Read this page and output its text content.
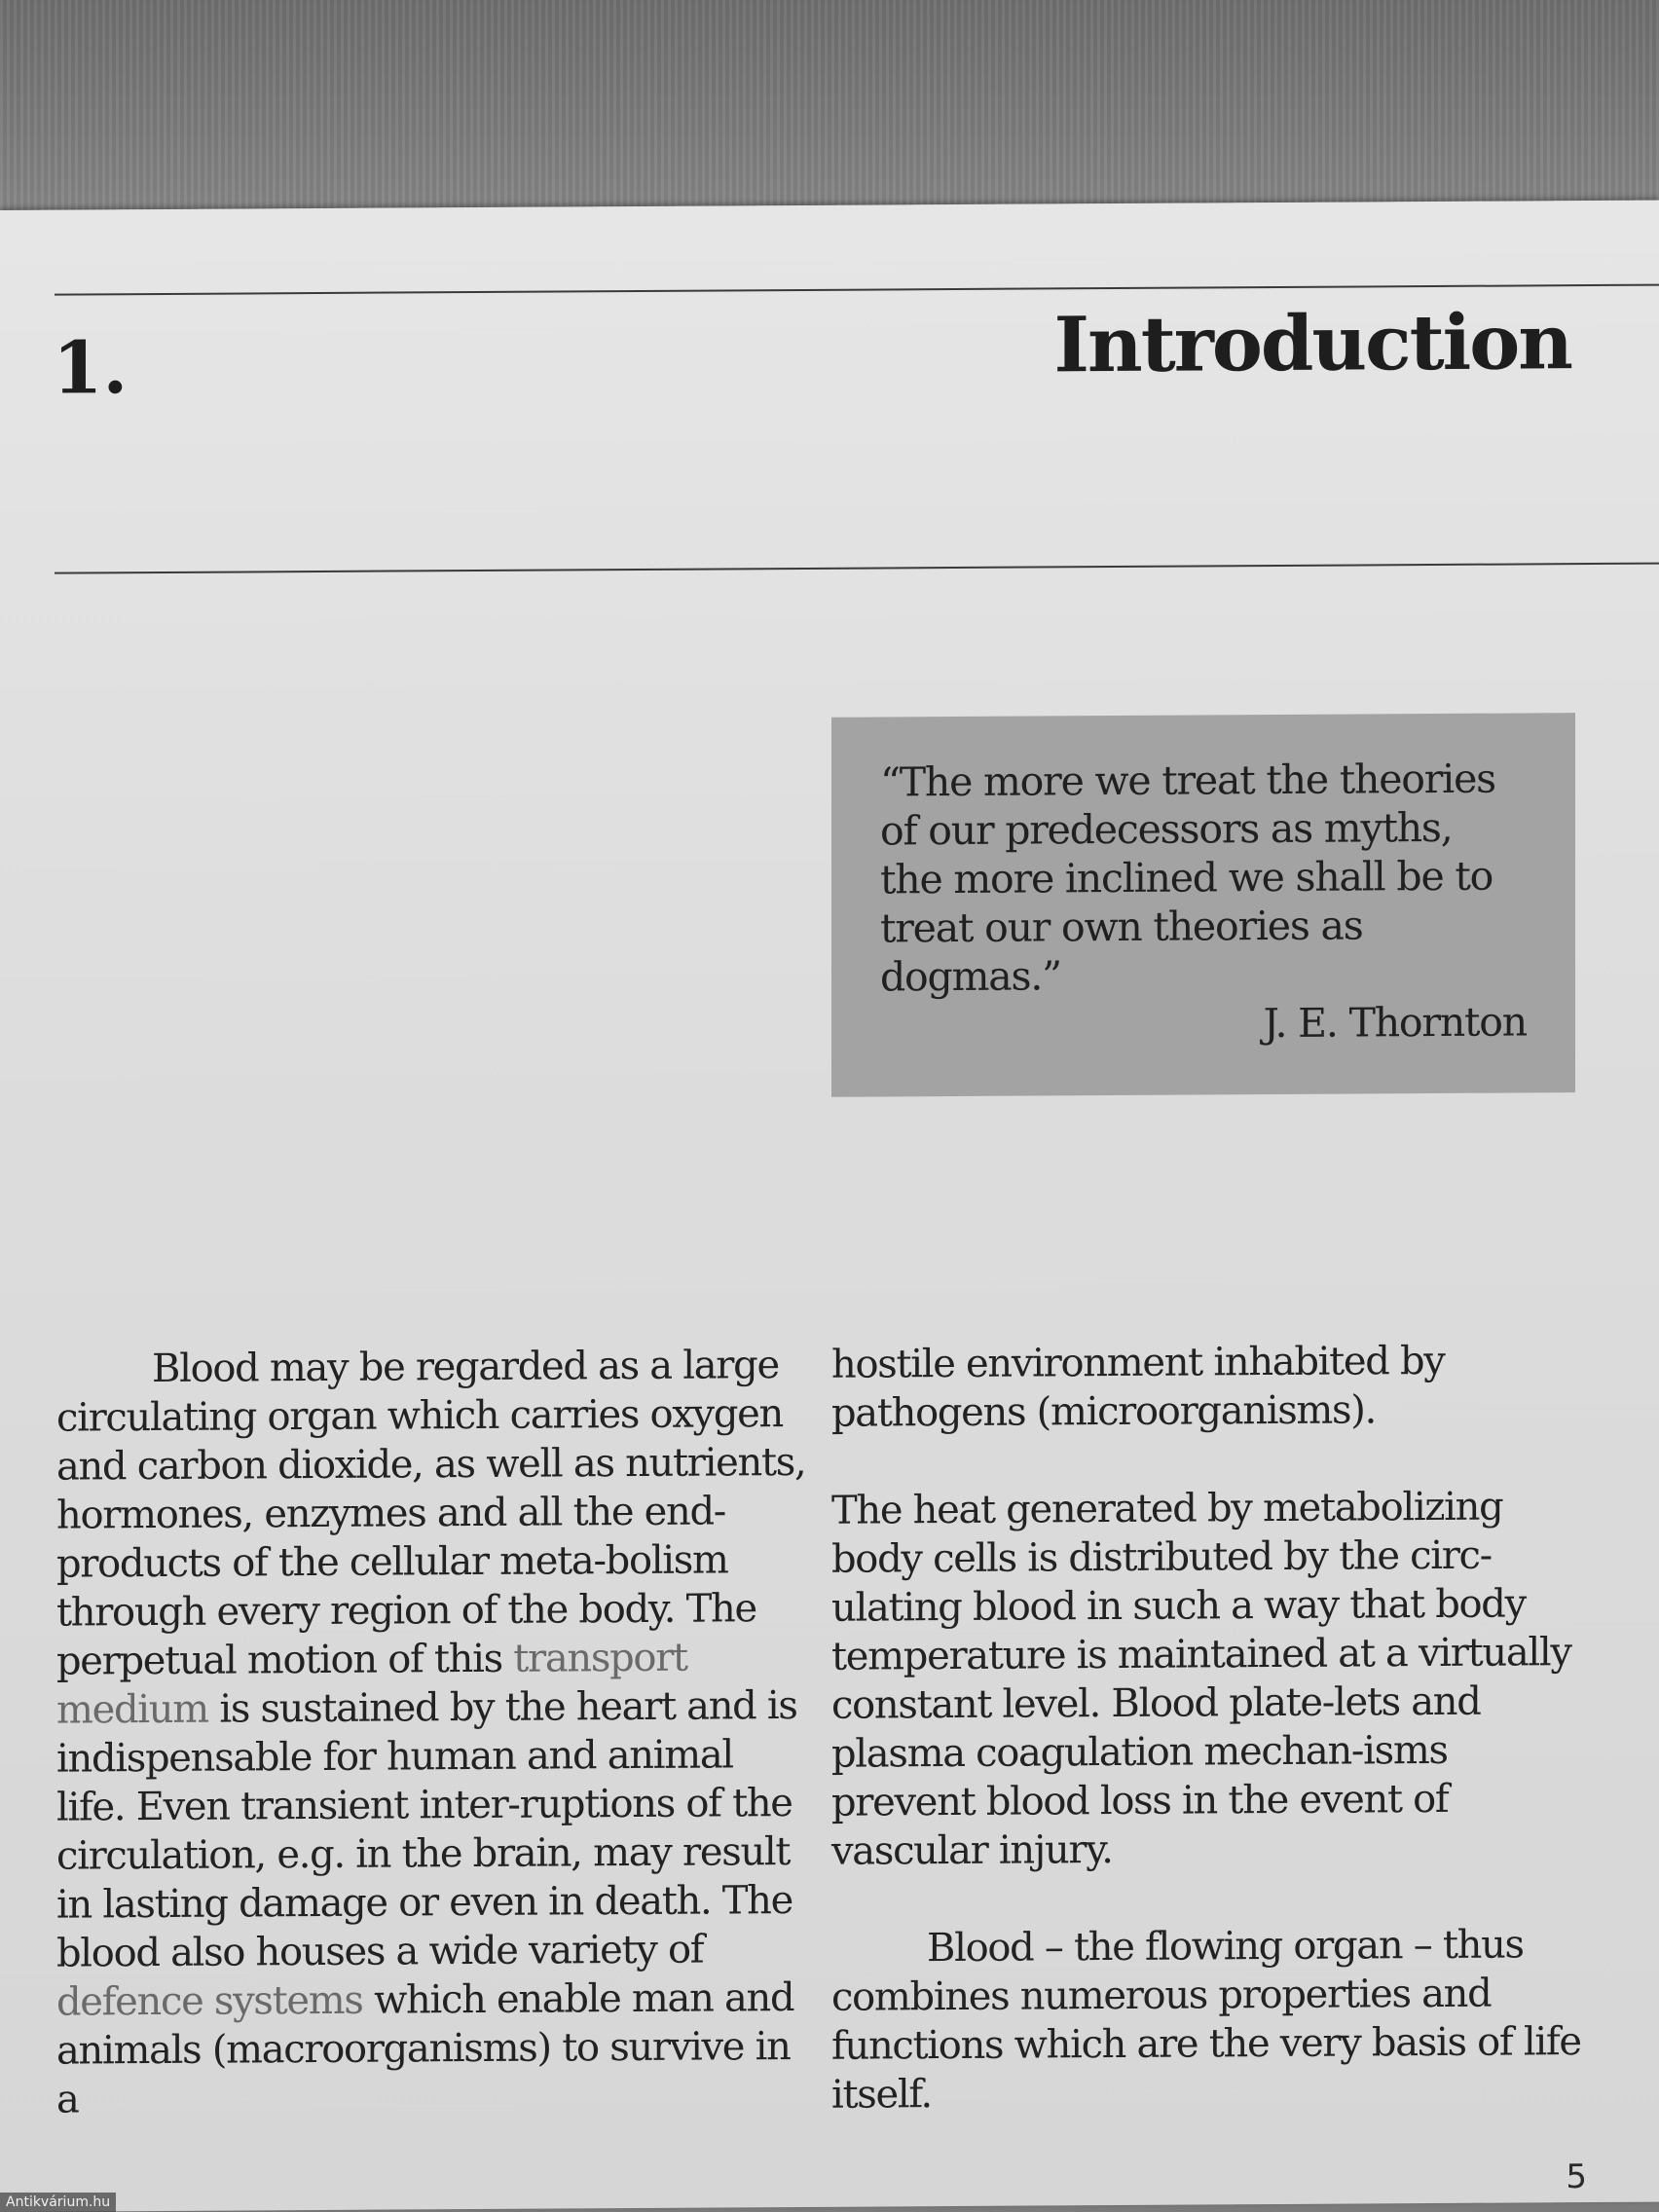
1.	Introduction

“The more we treat the theories of our predecessors as myths, the more inclined we shall be to treat our own theories as dogmas.”

J. E. Thornton

Blood may be regarded as a large circulating organ which carries oxygen and carbon dioxide, as well as nutrients, hormones, enzymes and all the end-products of the cellular meta-bolism through every region of the body. The perpetual motion of this transport medium is sustained by the heart and is indispensable for human and animal life. Even transient inter-ruptions of the circulation, e.g. in the brain, may result in lasting damage or even in death. The blood also houses a wide variety of defence systems which enable man and animals (macroorganisms) to survive in a

hostile environment inhabited by pathogens (microorganisms).

The heat generated by metabolizing body cells is distributed by the circ-ulating blood in such a way that body temperature is maintained at a virtually constant level. Blood plate-lets and plasma coagulation mechan-isms prevent blood loss in the event of vascular injury.

Blood – the flowing organ – thus combines numerous properties and functions which are the very basis of life itself.

5
Antikvárium.hu
